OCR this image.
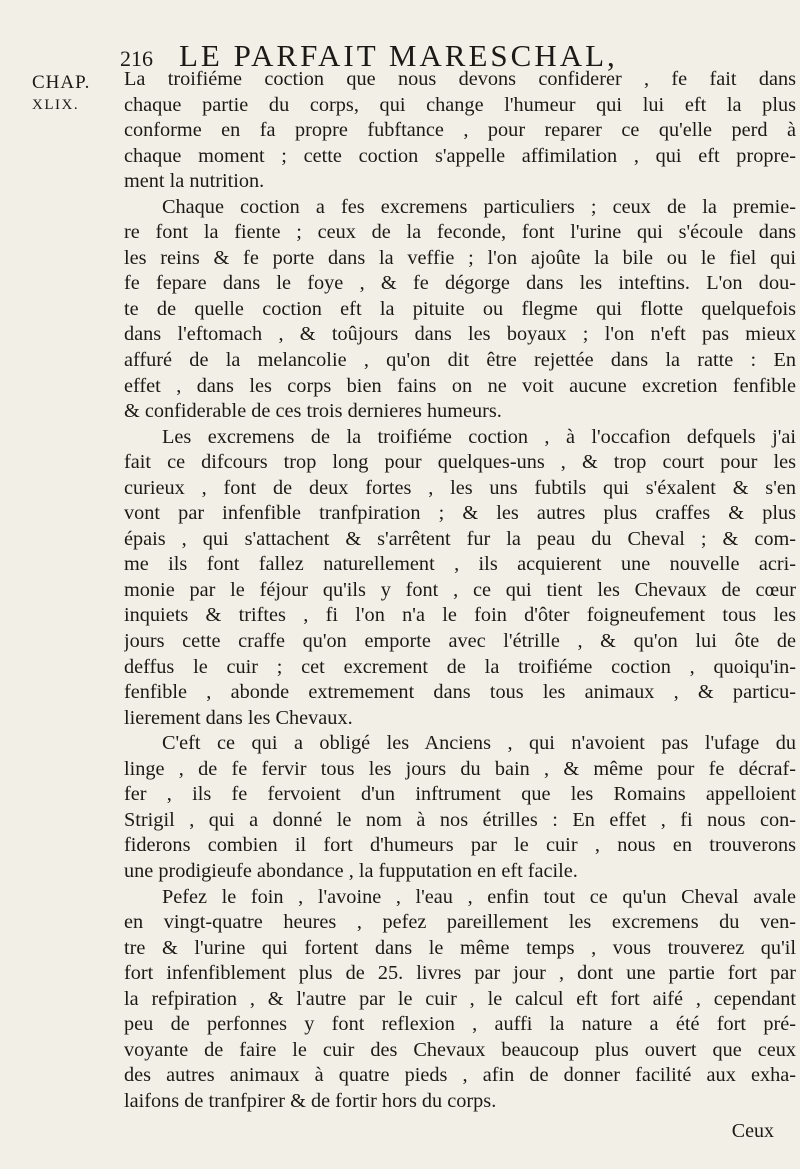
216 LE PARFAIT MARESCHAL,
CHAP.
XLIX.
La troifiéme coction que nous devons confiderer , fe fait dans
chaque partie du corps, qui change l'humeur qui lui eft la plus
conforme en fa propre fubftance , pour reparer ce qu'elle perd à
chaque moment ; cette coction s'appelle affimilation , qui eft propre-
ment la nutrition.
Chaque coction a fes excremens particuliers ; ceux de la premie-
re font la fiente ; ceux de la feconde, font l'urine qui s'écoule dans
les reins & fe porte dans la veffie ; l'on ajoûte la bile ou le fiel qui
fe fepare dans le foye , & fe dégorge dans les inteftins. L'on dou-
te de quelle coction eft la pituite ou flegme qui flotte quelquefois
dans l'eftomach , & toûjours dans les boyaux ; l'on n'eft pas mieux
affuré de la melancolie , qu'on dit être rejettée dans la ratte : En
effet , dans les corps bien fains on ne voit aucune excretion fenfible
& confiderable de ces trois dernieres humeurs.
Les excremens de la troifiéme coction , à l'occafion defquels j'ai
fait ce difcours trop long pour quelques-uns , & trop court pour les
curieux , font de deux fortes , les uns fubtils qui s'éxalent & s'en
vont par infenfible tranfpiration ; & les autres plus craffes & plus
épais , qui s'attachent & s'arrêtent fur la peau du Cheval ; & com-
me ils font fallez naturellement , ils acquierent une nouvelle acri-
monie par le féjour qu'ils y font , ce qui tient les Chevaux de cœur
inquiets & triftes , fi l'on n'a le foin d'ôter foigneufement tous les
jours cette craffe qu'on emporte avec l'étrille , & qu'on lui ôte de
deffus le cuir ; cet excrement de la troifiéme coction , quoiqu'in-
fenfible , abonde extremement dans tous les animaux , & particu-
lierement dans les Chevaux.
C'eft ce qui a obligé les Anciens , qui n'avoient pas l'ufage du
linge , de fe fervir tous les jours du bain , & même pour fe décraf-
fer , ils fe fervoient d'un inftrument que les Romains appelloient
Strigil , qui a donné le nom à nos étrilles : En effet , fi nous con-
fiderons combien il fort d'humeurs par le cuir , nous en trouverons
une prodigieufe abondance , la fupputation en eft facile.
Pefez le foin , l'avoine , l'eau , enfin tout ce qu'un Cheval avale
en vingt-quatre heures , pefez pareillement les excremens du ven-
tre & l'urine qui fortent dans le même temps , vous trouverez qu'il
fort infenfiblement plus de 25. livres par jour , dont une partie fort par
la refpiration , & l'autre par le cuir , le calcul eft fort aifé , cependant
peu de perfonnes y font reflexion , auffi la nature a été fort pré-
voyante de faire le cuir des Chevaux beaucoup plus ouvert que ceux
des autres animaux à quatre pieds , afin de donner facilité aux exha-
laifons de tranfpirer & de fortir hors du corps.
Ceux
